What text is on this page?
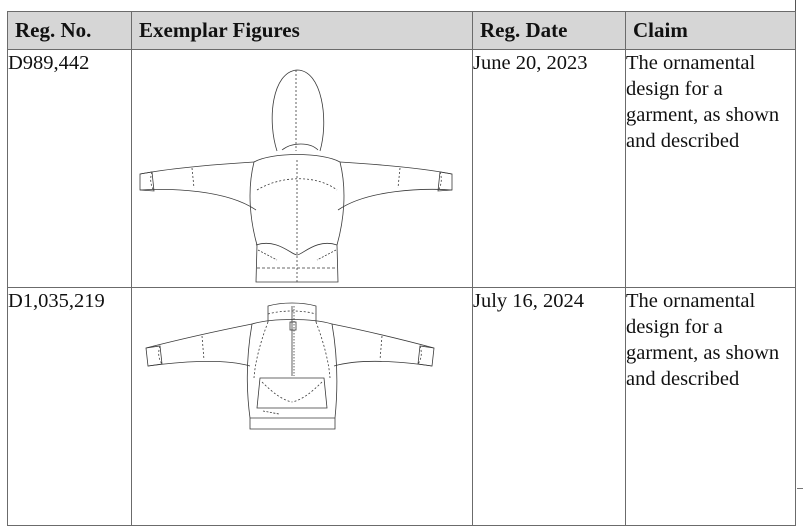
Reg. No.	Exemplar Figures	Reg. Date	Claim
D989,442		June 20, 2023	The ornamental design for a garment, as shown and described
D1,035,219		July 16, 2024	The ornamental design for a garment, as shown and described
